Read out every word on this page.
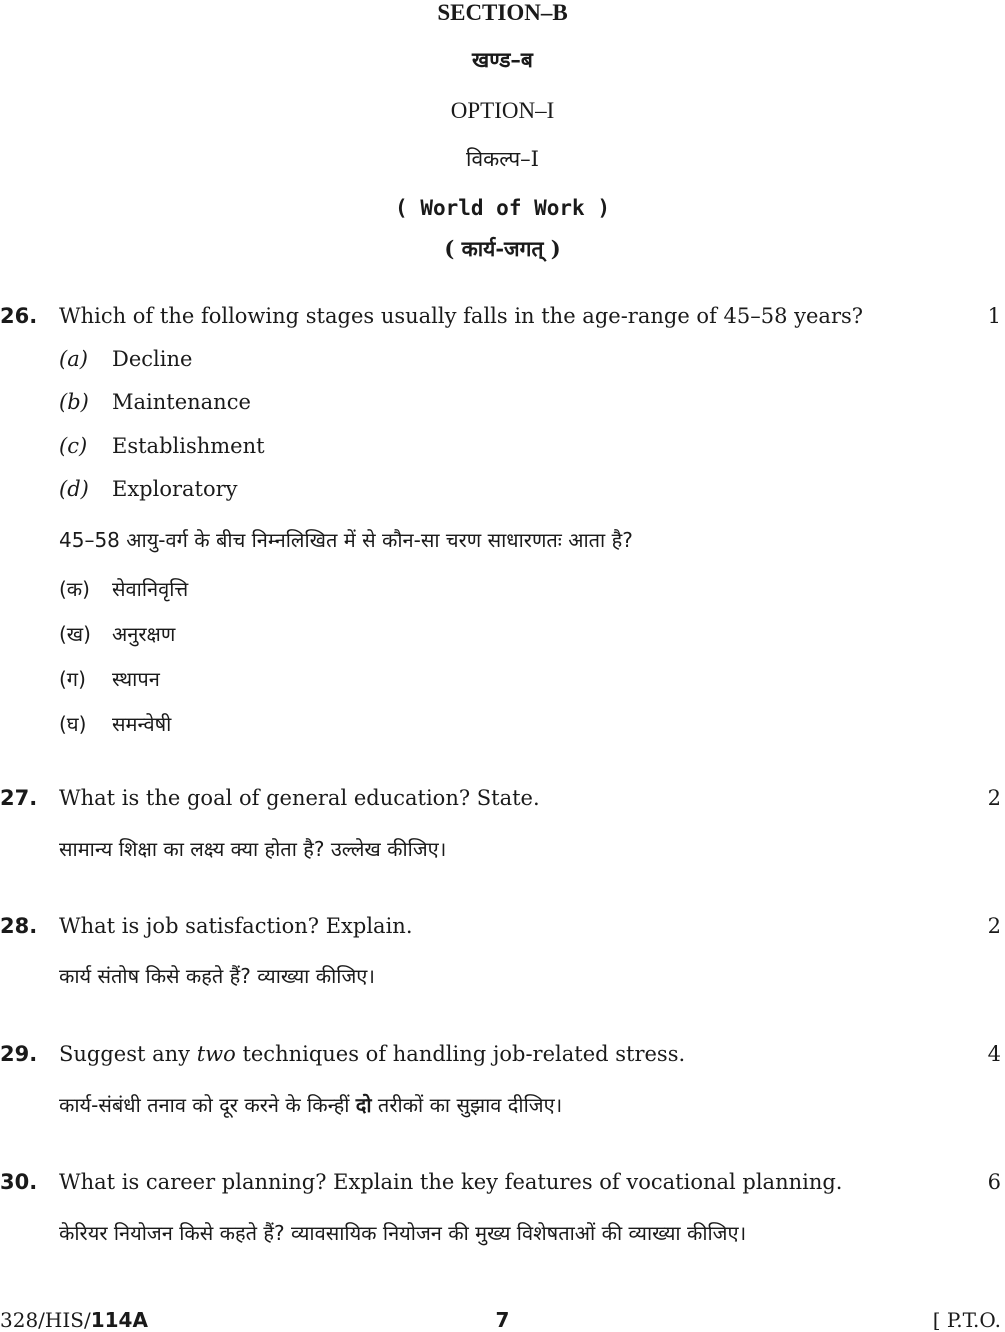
SECTION–B
खण्ड–ब
OPTION–I
विकल्प–I
( World of Work )
( कार्य-जगत् )
26. Which of the following stages usually falls in the age-range of 45–58 years?	1
(a) Decline
(b) Maintenance
(c) Establishment
(d) Exploratory
45–58 आयु-वर्ग के बीच निम्नलिखित में से कौन-सा चरण साधारणतः आता है?
(क) सेवानिवृत्ति
(ख) अनुरक्षण
(ग) स्थापन
(घ) समन्वेषी
27. What is the goal of general education? State.	2
सामान्य शिक्षा का लक्ष्य क्या होता है? उल्लेख कीजिए।
28. What is job satisfaction? Explain.	2
कार्य संतोष किसे कहते हैं? व्याख्या कीजिए।
29. Suggest any two techniques of handling job-related stress.	4
कार्य-संबंधी तनाव को दूर करने के किन्हीं दो तरीकों का सुझाव दीजिए।
30. What is career planning? Explain the key features of vocational planning.	6
केरियर नियोजन किसे कहते हैं? व्यावसायिक नियोजन की मुख्य विशेषताओं की व्याख्या कीजिए।
328/HIS/114A	7	[ P.T.O.
